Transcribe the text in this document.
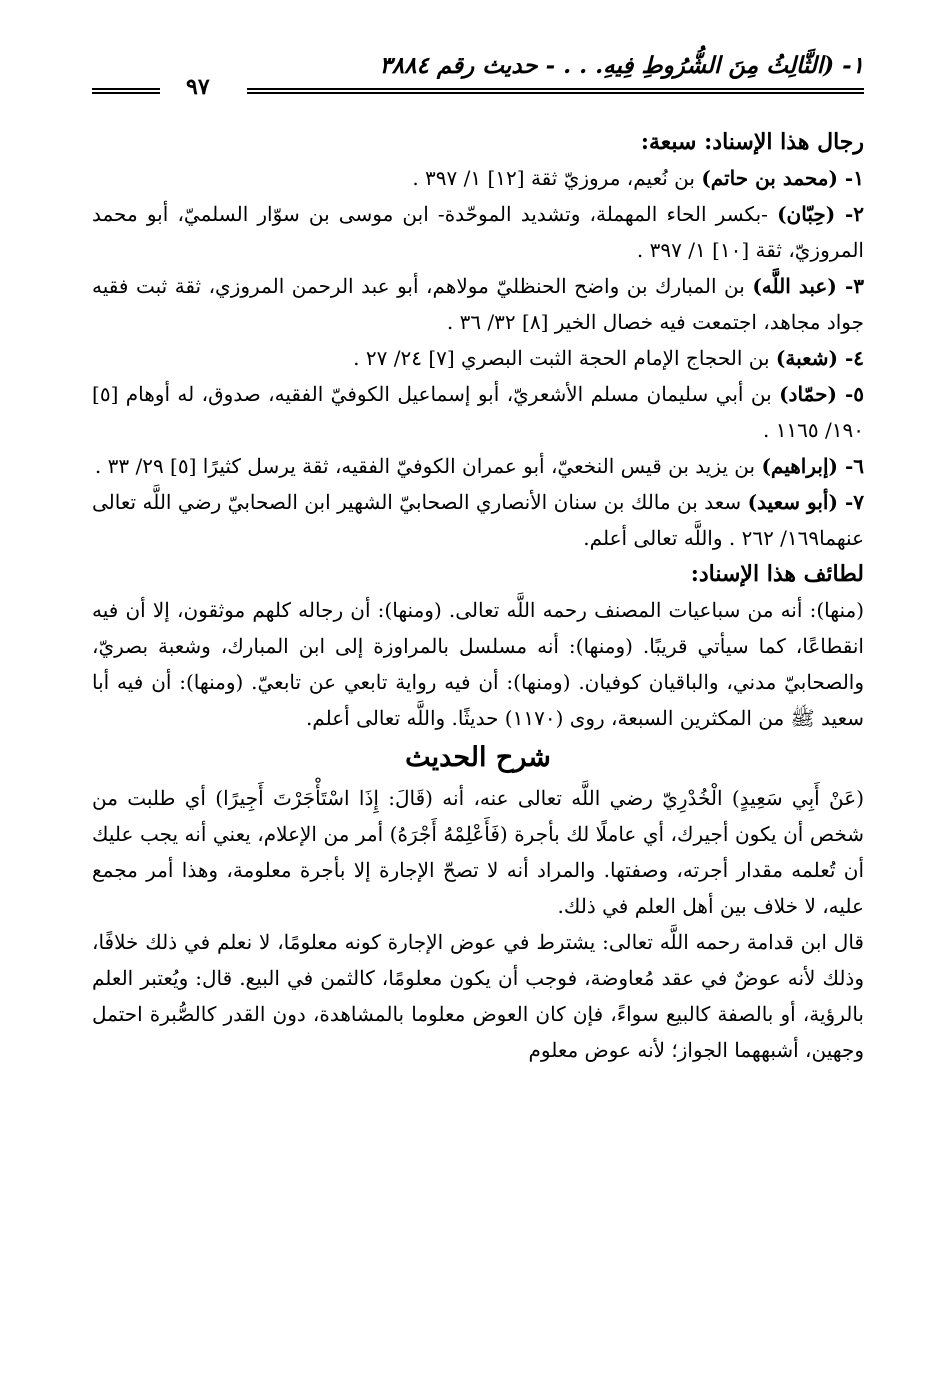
١- (الثَّالِثُ مِنَ الشُّرُوطِ فِيهِ. . . - حديث رقم ٣٨٨٤
٩٧

رجال هذا الإسناد: سبعة:

١- (محمد بن حاتم) بن نُعيم، مروزيّ ثقة [١٢] ١/ ٣٩٧ .

٢- (حِبّان) -بكسر الحاء المهملة، وتشديد الموحّدة- ابن موسى بن سوّار السلميّ، أبو محمد المروزيّ، ثقة [١٠] ١/ ٣٩٧ .

٣- (عبد اللَّه) بن المبارك بن واضح الحنظليّ مولاهم، أبو عبد الرحمن المروزي، ثقة ثبت فقيه جواد مجاهد، اجتمعت فيه خصال الخير [٨] ٣٢/ ٣٦ .

٤- (شعبة) بن الحجاج الإمام الحجة الثبت البصري [٧] ٢٤/ ٢٧ .

٥- (حمّاد) بن أبي سليمان مسلم الأشعريّ، أبو إسماعيل الكوفيّ الفقيه، صدوق، له أوهام [٥] ١٩٠/ ١١٦٥ .

٦- (إبراهيم) بن يزيد بن قيس النخعيّ، أبو عمران الكوفيّ الفقيه، ثقة يرسل كثيرًا [٥] ٢٩/ ٣٣ .

٧- (أبو سعيد) سعد بن مالك بن سنان الأنصاري الصحابيّ الشهير ابن الصحابيّ رضي اللَّه تعالى عنهما١٦٩/ ٢٦٢ . واللَّه تعالى أعلم.

لطائف هذا الإسناد:

(منها): أنه من سباعيات المصنف رحمه اللَّه تعالى. (ومنها): أن رجاله كلهم موثقون، إلا أن فيه انقطاعًا، كما سيأتي قريبًا. (ومنها): أنه مسلسل بالمراوزة إلى ابن المبارك، وشعبة بصريّ، والصحابيّ مدني، والباقيان كوفيان. (ومنها): أن فيه رواية تابعي عن تابعيّ. (ومنها): أن فيه أبا سعيد ﷺ من المكثرين السبعة، روى (١١٧٠) حديثًا. واللَّه تعالى أعلم.

شرح الحديث

(عَنْ أَبِي سَعِيدٍ) الْخُدْرِيّ رضي اللَّه تعالى عنه، أنه (قَالَ: إِذَا اسْتَأْجَرْتَ أَجِيرًا) أي طلبت من شخص أن يكون أجيرك، أي عاملًا لك بأجرة (فَأَعْلِمْهُ أَجْرَهُ) أمر من الإعلام، يعني أنه يجب عليك أن تُعلمه مقدار أجرته، وصفتها. والمراد أنه لا تصحّ الإجارة إلا بأجرة معلومة، وهذا أمر مجمع عليه، لا خلاف بين أهل العلم في ذلك.

قال ابن قدامة رحمه اللَّه تعالى: يشترط في عوض الإجارة كونه معلومًا، لا نعلم في ذلك خلافًا، وذلك لأنه عوضٌ في عقد مُعاوضة، فوجب أن يكون معلومًا، كالثمن في البيع. قال: ويُعتبر العلم بالرؤية، أو بالصفة كالبيع سواءً، فإن كان العوض معلوما بالمشاهدة، دون القدر كالصُّبرة احتمل وجهين، أشبههما الجواز؛ لأنه عوض معلوم
